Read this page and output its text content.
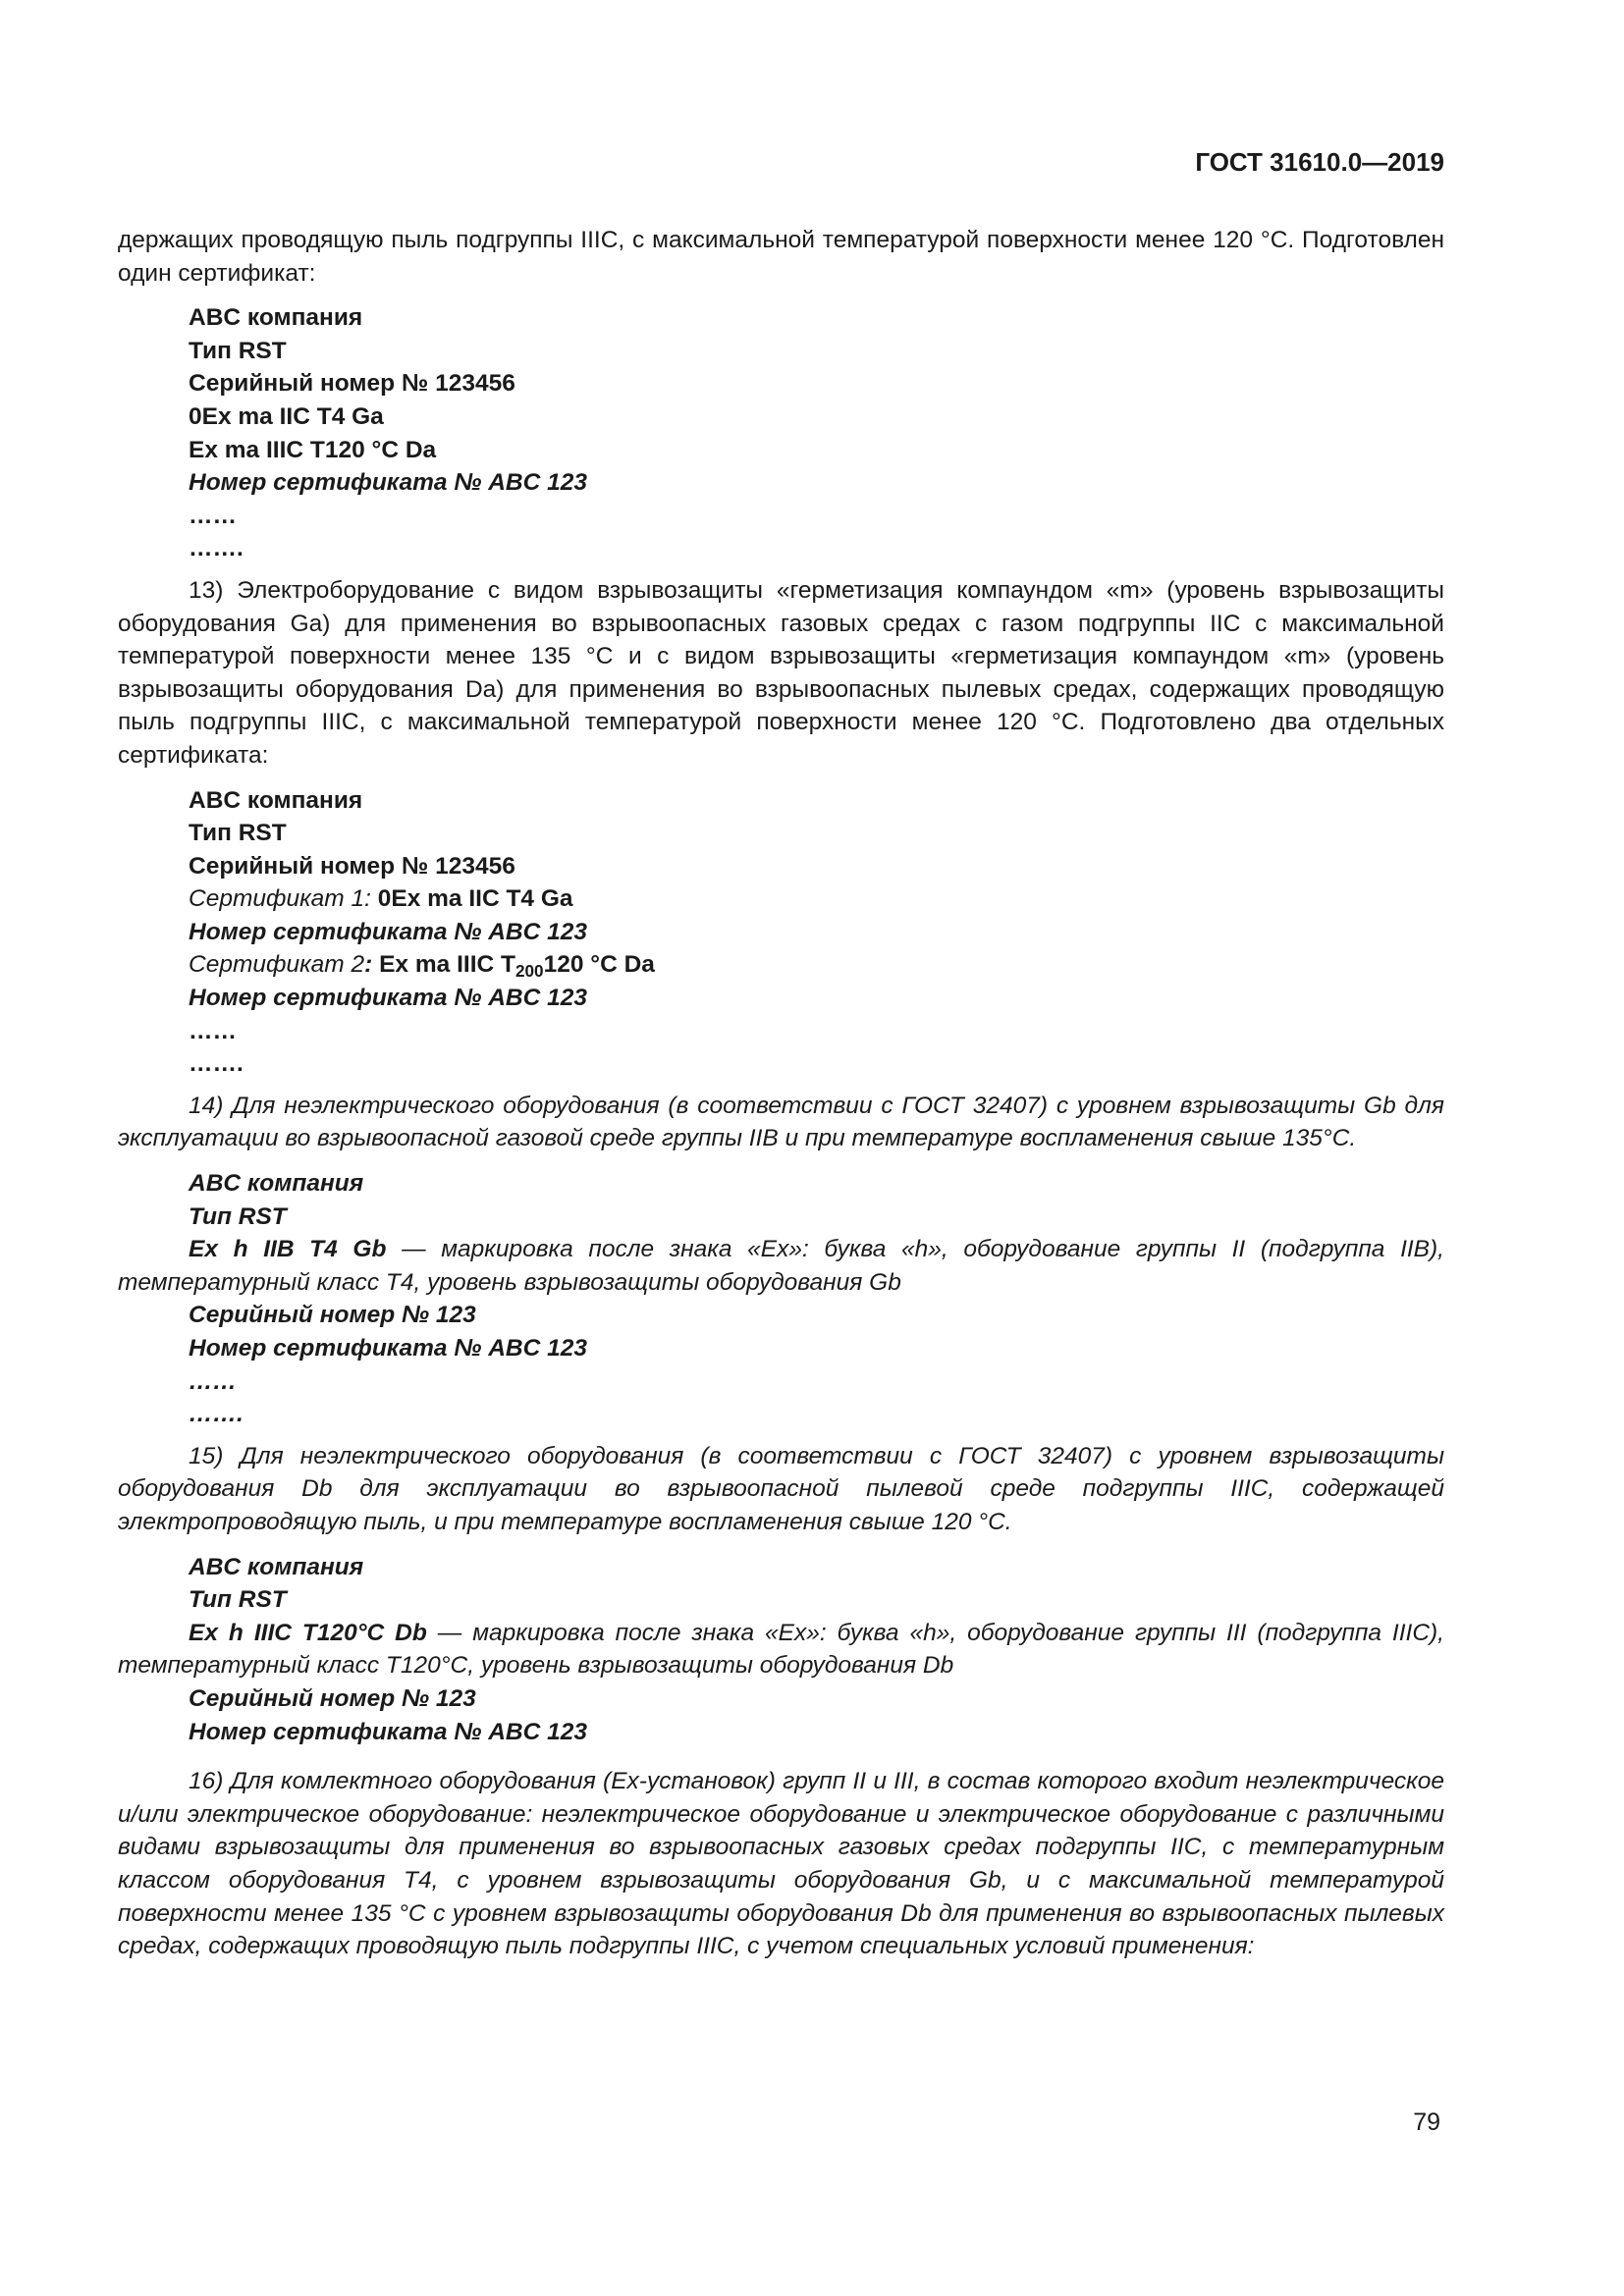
ГОСТ 31610.0—2019

держащих проводящую пыль подгруппы IIIC, с максимальной температурой поверхности менее 120 °C. Подготовлен один сертификат:

ABC компания
Тип RST
Серийный номер № 123456
0Ex ma IIC T4 Ga
Ex ma IIIC T120 °C Da
Номер сертификата № ABC 123
……
…….

13) Электроборудование с видом взрывозащиты «герметизация компаундом «m» (уровень взрывозащиты оборудования Ga) для применения во взрывоопасных газовых средах с газом подгруппы IIC с максимальной температурой поверхности менее 135 °C и с видом взрывозащиты «герметизация компаундом «m» (уровень взрывозащиты оборудования Da) для применения во взрывоопасных пылевых средах, содержащих проводящую пыль подгруппы IIIC, с максимальной температурой поверхности менее 120 °C. Подготовлено два отдельных сертификата:

ABC компания
Тип RST
Серийный номер № 123456
Сертификат 1: 0Ex ma IIC T4 Ga
Номер сертификата № ABC 123
Сертификат 2: Ex ma IIIC $T_{200}120$ °C Da
Номер сертификата № ABC 123
……
…….

14) Для неэлектрического оборудования (в соответствии с ГОСТ 32407) с уровнем взрывозащиты Gb для эксплуатации во взрывоопасной газовой среде группы IIB и при температуре воспламенения свыше 135°C.

ABC компания
Тип RST
Ex h IIB T4 Gb — маркировка после знака «Ex»: буква «h», оборудование группы II (подгруппа IIB), температурный класс T4, уровень взрывозащиты оборудования Gb
Серийный номер № 123
Номер сертификата № ABC 123
……
…….

15) Для неэлектрического оборудования (в соответствии с ГОСТ 32407) с уровнем взрывозащиты оборудования Db для эксплуатации во взрывоопасной пылевой среде подгруппы IIIC, содержащей электропроводящую пыль, и при температуре воспламенения свыше 120 °C.

ABC компания
Тип RST
Ex h IIIC T120°C Db — маркировка после знака «Ex»: буква «h», оборудование группы III (подгруппа IIIC), температурный класс T120°C, уровень взрывозащиты оборудования Db
Серийный номер № 123
Номер сертификата № ABC 123

16) Для комлектного оборудования (Ex-установок) групп II и III, в состав которого входит неэлектрическое и/или электрическое оборудование: неэлектрическое оборудование и электрическое оборудование с различными видами взрывозащиты для применения во взрывоопасных газовых средах подгруппы IIC, с температурным классом оборудования T4, с уровнем взрывозащиты оборудования Gb, и с максимальной температурой поверхности менее 135 °C с уровнем взрывозащиты оборудования Db для применения во взрывоопасных пылевых средах, содержащих проводящую пыль подгруппы IIIC, с учетом специальных условий применения:

79
